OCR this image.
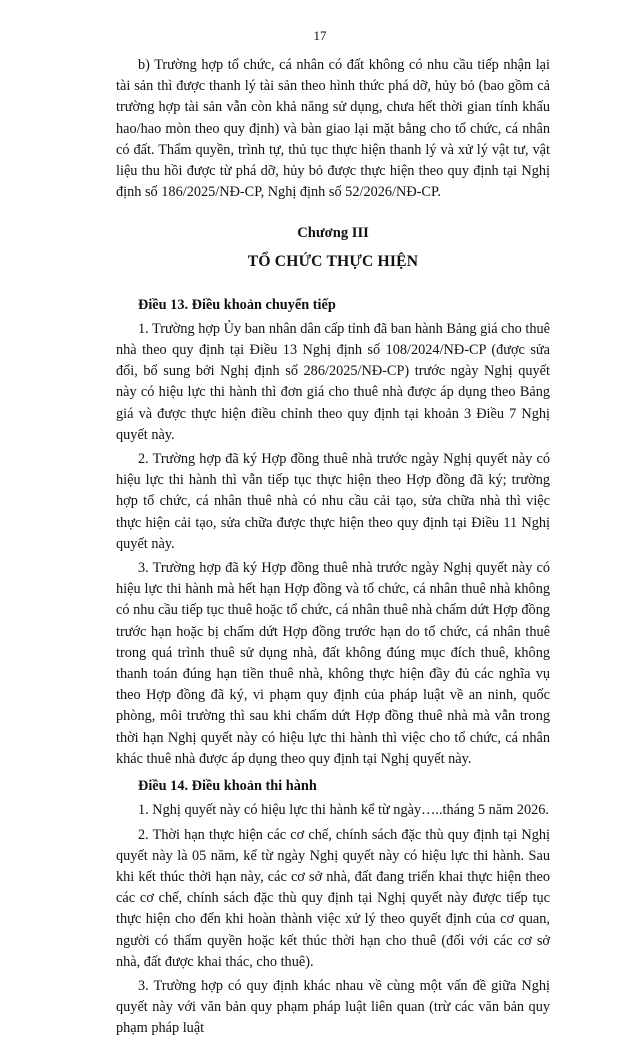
17

b) Trường hợp tổ chức, cá nhân có đất không có nhu cầu tiếp nhận lại tài sản thì được thanh lý tài sản theo hình thức phá dỡ, hủy bỏ (bao gồm cả trường hợp tài sản vẫn còn khả năng sử dụng, chưa hết thời gian tính khấu hao/hao mòn theo quy định) và bàn giao lại mặt bằng cho tổ chức, cá nhân có đất. Thẩm quyền, trình tự, thủ tục thực hiện thanh lý và xử lý vật tư, vật liệu thu hồi được từ phá dỡ, hủy bỏ được thực hiện theo quy định tại Nghị định số 186/2025/NĐ-CP, Nghị định số 52/2026/NĐ-CP.

Chương III

TỔ CHỨC THỰC HIỆN

Điều 13. Điều khoản chuyển tiếp

1. Trường hợp Ủy ban nhân dân cấp tỉnh đã ban hành Bảng giá cho thuê nhà theo quy định tại Điều 13 Nghị định số 108/2024/NĐ-CP (được sửa đổi, bổ sung bởi Nghị định số 286/2025/NĐ-CP) trước ngày Nghị quyết này có hiệu lực thi hành thì đơn giá cho thuê nhà được áp dụng theo Bảng giá và được thực hiện điều chỉnh theo quy định tại khoản 3 Điều 7 Nghị quyết này.

2. Trường hợp đã ký Hợp đồng thuê nhà trước ngày Nghị quyết này có hiệu lực thi hành thì vẫn tiếp tục thực hiện theo Hợp đồng đã ký; trường hợp tổ chức, cá nhân thuê nhà có nhu cầu cải tạo, sửa chữa nhà thì việc thực hiện cải tạo, sửa chữa được thực hiện theo quy định tại Điều 11 Nghị quyết này.

3. Trường hợp đã ký Hợp đồng thuê nhà trước ngày Nghị quyết này có hiệu lực thi hành mà hết hạn Hợp đồng và tổ chức, cá nhân thuê nhà không có nhu cầu tiếp tục thuê hoặc tổ chức, cá nhân thuê nhà chấm dứt Hợp đồng trước hạn hoặc bị chấm dứt Hợp đồng trước hạn do tổ chức, cá nhân thuê trong quá trình thuê sử dụng nhà, đất không đúng mục đích thuê, không thanh toán đúng hạn tiền thuê nhà, không thực hiện đầy đủ các nghĩa vụ theo Hợp đồng đã ký, vi phạm quy định của pháp luật về an ninh, quốc phòng, môi trường thì sau khi chấm dứt Hợp đồng thuê nhà mà vẫn trong thời hạn Nghị quyết này có hiệu lực thi hành thì việc cho tổ chức, cá nhân khác thuê nhà được áp dụng theo quy định tại Nghị quyết này.

Điều 14. Điều khoản thi hành

1. Nghị quyết này có hiệu lực thi hành kể từ ngày…..tháng 5 năm 2026.

2. Thời hạn thực hiện các cơ chế, chính sách đặc thù quy định tại Nghị quyết này là 05 năm, kể từ ngày Nghị quyết này có hiệu lực thi hành. Sau khi kết thúc thời hạn này, các cơ sở nhà, đất đang triển khai thực hiện theo các cơ chế, chính sách đặc thù quy định tại Nghị quyết này được tiếp tục thực hiện cho đến khi hoàn thành việc xử lý theo quyết định của cơ quan, người có thẩm quyền hoặc kết thúc thời hạn cho thuê (đối với các cơ sở nhà, đất được khai thác, cho thuê).

3. Trường hợp có quy định khác nhau về cùng một vấn đề giữa Nghị quyết này với văn bản quy phạm pháp luật liên quan (trừ các văn bản quy phạm pháp luật
